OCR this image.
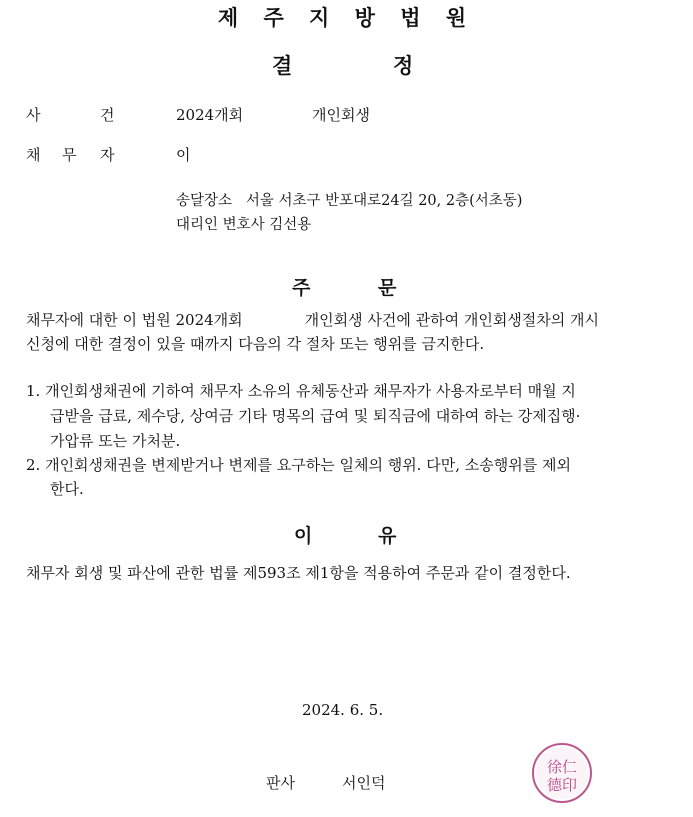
제 주 지 방 법 원
결	정
사	건	2024개회	개인회생
채 무 자	이
송달장소 서울 서초구 반포대로24길 20, 2층(서초동)
대리인 변호사 김선용
주	문
채무자에 대한 이 법원 2024개회	개인회생 사건에 관하여 개인회생절차의 개시
신청에 대한 결정이 있을 때까지 다음의 각 절차 또는 행위를 금지한다.
1. 개인회생채권에 기하여 채무자 소유의 유체동산과 채무자가 사용자로부터 매월 지
급받을 급료, 제수당, 상여금 기타 명목의 급여 및 퇴직금에 대하여 하는 강제집행·
가압류 또는 가처분.
2. 개인회생채권을 변제받거나 변제를 요구하는 일체의 행위. 다만, 소송행위를 제외
한다.
이	유
채무자 회생 및 파산에 관한 법률 제593조 제1항을 적용하여 주문과 같이 결정한다.
2024. 6. 5.
판사	서인덕
徐仁
德印
